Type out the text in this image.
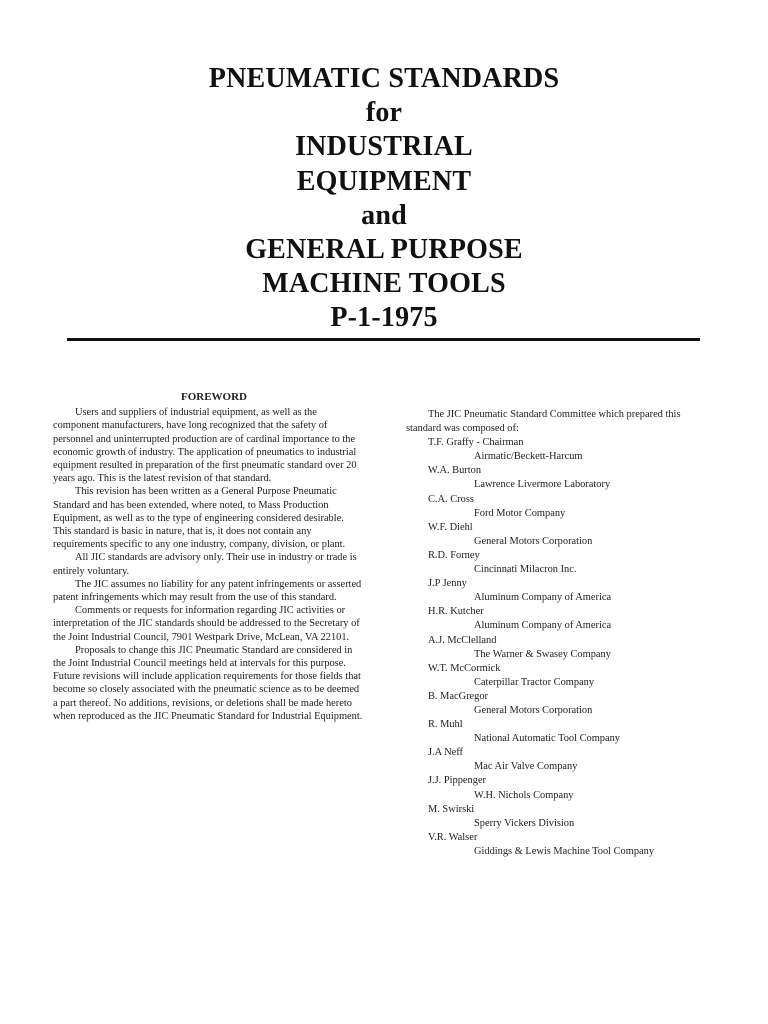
PNEUMATIC STANDARDS
for
INDUSTRIAL
EQUIPMENT
and
GENERAL PURPOSE
MACHINE TOOLS
P-1-1975
FOREWORD

Users and suppliers of industrial equipment, as well as the component manufacturers, have long recognized that the safety of personnel and uninterrupted production are of cardinal importance to the economic growth of industry. The application of pneumatics to industrial equipment resulted in preparation of the first pneumatic standard over 20 years ago. This is the latest revision of that standard.

This revision has been written as a General Purpose Pneumatic Standard and has been extended, where noted, to Mass Production Equipment, as well as to the type of engineering considered desirable. This standard is basic in nature, that is, it does not contain any requirements specific to any one industry, company, division, or plant.

All JIC standards are advisory only. Their use in industry or trade is entirely voluntary.

The JIC assumes no liability for any patent infringements or asserted patent infringements which may result from the use of this standard.

Comments or requests for information regarding JIC activities or interpretation of the JIC standards should be addressed to the Secretary of the Joint Industrial Council, 7901 Westpark Drive, McLean, VA 22101.

Proposals to change this JIC Pneumatic Standard are considered in the Joint Industrial Council meetings held at intervals for this purpose. Future revisions will include application requirements for those fields that become so closely associated with the pneumatic science as to be deemed a part thereof. No additions, revisions, or deletions shall be made hereto when reproduced as the JIC Pneumatic Standard for Industrial Equipment.

The JIC Pneumatic Standard Committee which prepared this standard was composed of:

T.F. Graffy - Chairman

Airmatic/Beckett-Harcum

W.A. Burton

Lawrence Livermore Laboratory

C.A. Cross

Ford Motor Company

W.F. Diehl

General Motors Corporation

R.D. Forney

Cincinnati Milacron Inc.

J.P Jenny

Aluminum Company of America

H.R. Kutcher

Aluminum Company of America

A.J. McClelland

The Warner & Swasey Company

W.T. McCormick

Caterpillar Tractor Company

B. MacGregor

General Motors Corporation

R. Muhl

National Automatic Tool Company

J.A Neff

Mac Air Valve Company

J.J. Pippenger

W.H. Nichols Company

M. Swirski

Sperry Vickers Division

V.R. Walser

Giddings & Lewis Machine Tool Company
